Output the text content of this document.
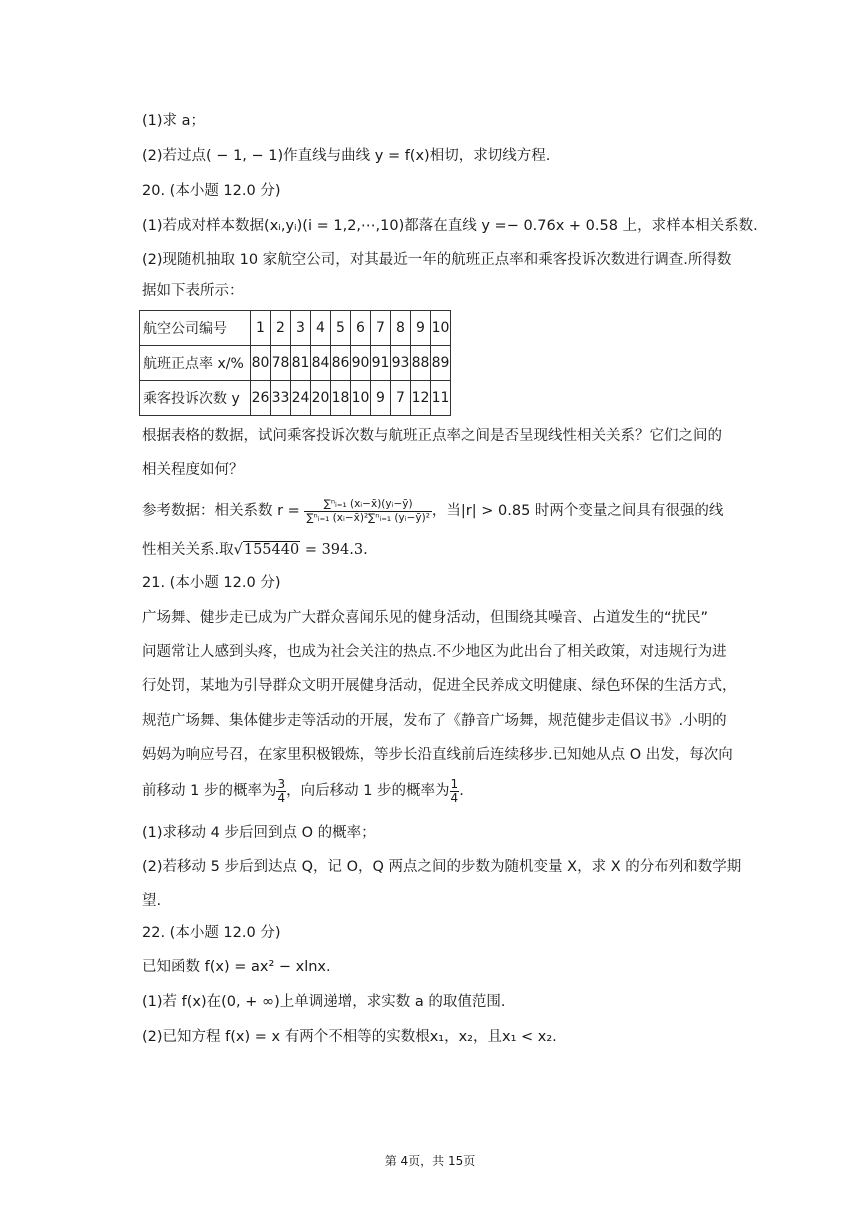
(1)求 a；
(2)若过点( − 1, − 1)作直线与曲线 y = f(x)相切，求切线方程.
20. (本小题 12.0 分)
(1)若成对样本数据(xᵢ,yᵢ)(i = 1,2,⋯,10)都落在直线 y =− 0.76x + 0.58 上，求样本相关系数.
(2)现随机抽取 10 家航空公司，对其最近一年的航班正点率和乘客投诉次数进行调查.所得数
据如下表所示：
航空公司编号	1	2	3	4	5	6	7	8	9	10
航班正点率 x/%	80	78	81	84	86	90	91	93	88	89
乘客投诉次数 y	26	33	24	20	18	10	9	7	12	11
根据表格的数据，试问乘客投诉次数与航班正点率之间是否呈现线性相关关系？它们之间的
相关程度如何？
参考数据：相关系数 $r = \frac{\text{∑ⁿᵢ₌₁ (xᵢ−x̄)(yᵢ−ȳ)}}{\text{∑ⁿᵢ₌₁ (xᵢ−x̄)²∑ⁿᵢ₌₁ (yᵢ−ȳ)²}}$ ，当|r| > 0.85 时两个变量之间具有很强的线
性相关关系.取√155440 = 394.3.
21. (本小题 12.0 分)
广场舞、健步走已成为广大群众喜闻乐见的健身活动，但围绕其噪音、占道发生的“扰民”
问题常让人感到头疼，也成为社会关注的热点.不少地区为此出台了相关政策，对违规行为进
行处罚，某地为引导群众文明开展健身活动，促进全民养成文明健康、绿色环保的生活方式，
规范广场舞、集体健步走等活动的开展，发布了《静音广场舞，规范健步走倡议书》.小明的
妈妈为响应号召，在家里积极锻炼，等步长沿直线前后连续移步.已知她从点 O 出发，每次向
前移动 1 步的概率为 $\frac{3}{4}$ ，向后移动 1 步的概率为 $\frac{1}{4}$ .
(1)求移动 4 步后回到点 O 的概率；
(2)若移动 5 步后到达点 Q，记 O，Q 两点之间的步数为随机变量 X，求 X 的分布列和数学期
望.
22. (本小题 12.0 分)
已知函数 f(x) = ax² − xlnx.
(1)若 f(x)在(0, + ∞)上单调递增，求实数 a 的取值范围.
(2)已知方程 f(x) = x 有两个不相等的实数根x₁，x₂，且x₁ < x₂.
第 4页，共 15页
